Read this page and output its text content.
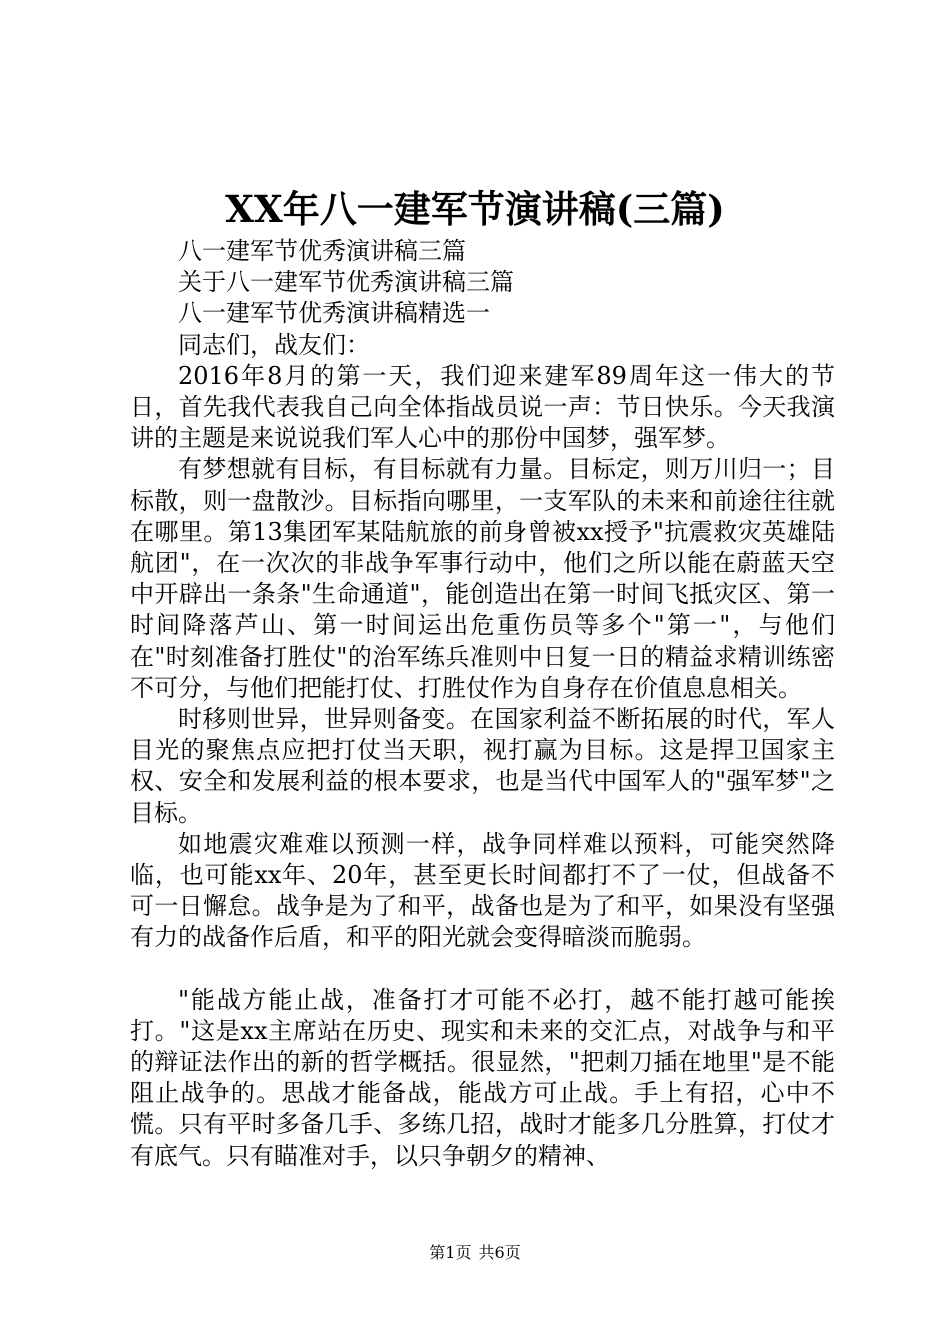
XX年八一建军节演讲稿(三篇)

八一建军节优秀演讲稿三篇

关于八一建军节优秀演讲稿三篇

八一建军节优秀演讲稿精选一

同志们，战友们：

2016年8月的第一天，我们迎来建军89周年这一伟大的节日，首先我代表我自己向全体指战员说一声：节日快乐。今天我演讲的主题是来说说我们军人心中的那份中国梦，强军梦。

有梦想就有目标，有目标就有力量。目标定，则万川归一；目标散，则一盘散沙。目标指向哪里，一支军队的未来和前途往往就在哪里。第13集团军某陆航旅的前身曾被xx授予"抗震救灾英雄陆航团"，在一次次的非战争军事行动中，他们之所以能在蔚蓝天空中开辟出一条条"生命通道"，能创造出在第一时间飞抵灾区、第一时间降落芦山、第一时间运出危重伤员等多个"第一"，与他们在"时刻准备打胜仗"的治军练兵准则中日复一日的精益求精训练密不可分，与他们把能打仗、打胜仗作为自身存在价值息息相关。

时移则世异，世异则备变。在国家利益不断拓展的时代，军人目光的聚焦点应把打仗当天职，视打赢为目标。这是捍卫国家主权、安全和发展利益的根本要求，也是当代中国军人的"强军梦"之目标。

如地震灾难难以预测一样，战争同样难以预料，可能突然降临，也可能xx年、20年，甚至更长时间都打不了一仗，但战备不可一日懈怠。战争是为了和平，战备也是为了和平，如果没有坚强有力的战备作后盾，和平的阳光就会变得暗淡而脆弱。

"能战方能止战，准备打才可能不必打，越不能打越可能挨打。"这是xx主席站在历史、现实和未来的交汇点，对战争与和平的辩证法作出的新的哲学概括。很显然，"把刺刀插在地里"是不能阻止战争的。思战才能备战，能战方可止战。手上有招，心中不慌。只有平时多备几手、多练几招，战时才能多几分胜算，打仗才有底气。只有瞄准对手，以只争朝夕的精神、

第1页 共6页
